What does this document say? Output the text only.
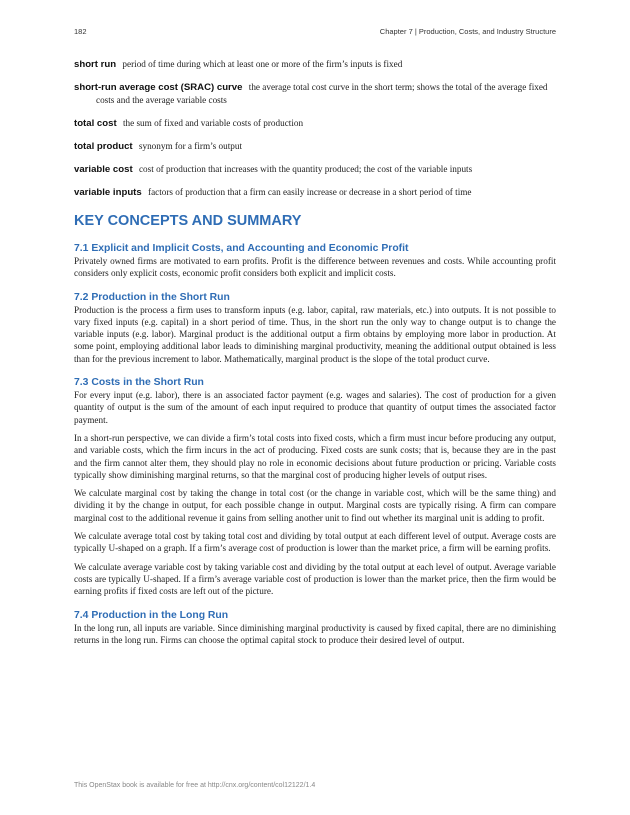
182	Chapter 7 | Production, Costs, and Industry Structure

short run period of time during which at least one or more of the firm’s inputs is fixed

short-run average cost (SRAC) curve the average total cost curve in the short term; shows the total of the average fixed costs and the average variable costs

total cost the sum of fixed and variable costs of production

total product synonym for a firm’s output

variable cost cost of production that increases with the quantity produced; the cost of the variable inputs

variable inputs factors of production that a firm can easily increase or decrease in a short period of time

KEY CONCEPTS AND SUMMARY
7.1 Explicit and Implicit Costs, and Accounting and Economic Profit

Privately owned firms are motivated to earn profits. Profit is the difference between revenues and costs. While accounting profit considers only explicit costs, economic profit considers both explicit and implicit costs.

7.2 Production in the Short Run

Production is the process a firm uses to transform inputs (e.g. labor, capital, raw materials, etc.) into outputs. It is not possible to vary fixed inputs (e.g. capital) in a short period of time. Thus, in the short run the only way to change output is to change the variable inputs (e.g. labor). Marginal product is the additional output a firm obtains by employing more labor in production. At some point, employing additional labor leads to diminishing marginal productivity, meaning the additional output obtained is less than for the previous increment to labor. Mathematically, marginal product is the slope of the total product curve.

7.3 Costs in the Short Run

For every input (e.g. labor), there is an associated factor payment (e.g. wages and salaries). The cost of production for a given quantity of output is the sum of the amount of each input required to produce that quantity of output times the associated factor payment.

In a short-run perspective, we can divide a firm’s total costs into fixed costs, which a firm must incur before producing any output, and variable costs, which the firm incurs in the act of producing. Fixed costs are sunk costs; that is, because they are in the past and the firm cannot alter them, they should play no role in economic decisions about future production or pricing. Variable costs typically show diminishing marginal returns, so that the marginal cost of producing higher levels of output rises.

We calculate marginal cost by taking the change in total cost (or the change in variable cost, which will be the same thing) and dividing it by the change in output, for each possible change in output. Marginal costs are typically rising. A firm can compare marginal cost to the additional revenue it gains from selling another unit to find out whether its marginal unit is adding to profit.

We calculate average total cost by taking total cost and dividing by total output at each different level of output. Average costs are typically U-shaped on a graph. If a firm’s average cost of production is lower than the market price, a firm will be earning profits.

We calculate average variable cost by taking variable cost and dividing by the total output at each level of output. Average variable costs are typically U-shaped. If a firm’s average variable cost of production is lower than the market price, then the firm would be earning profits if fixed costs are left out of the picture.

7.4 Production in the Long Run

In the long run, all inputs are variable. Since diminishing marginal productivity is caused by fixed capital, there are no diminishing returns in the long run. Firms can choose the optimal capital stock to produce their desired level of output.

This OpenStax book is available for free at http://cnx.org/content/col12122/1.4
